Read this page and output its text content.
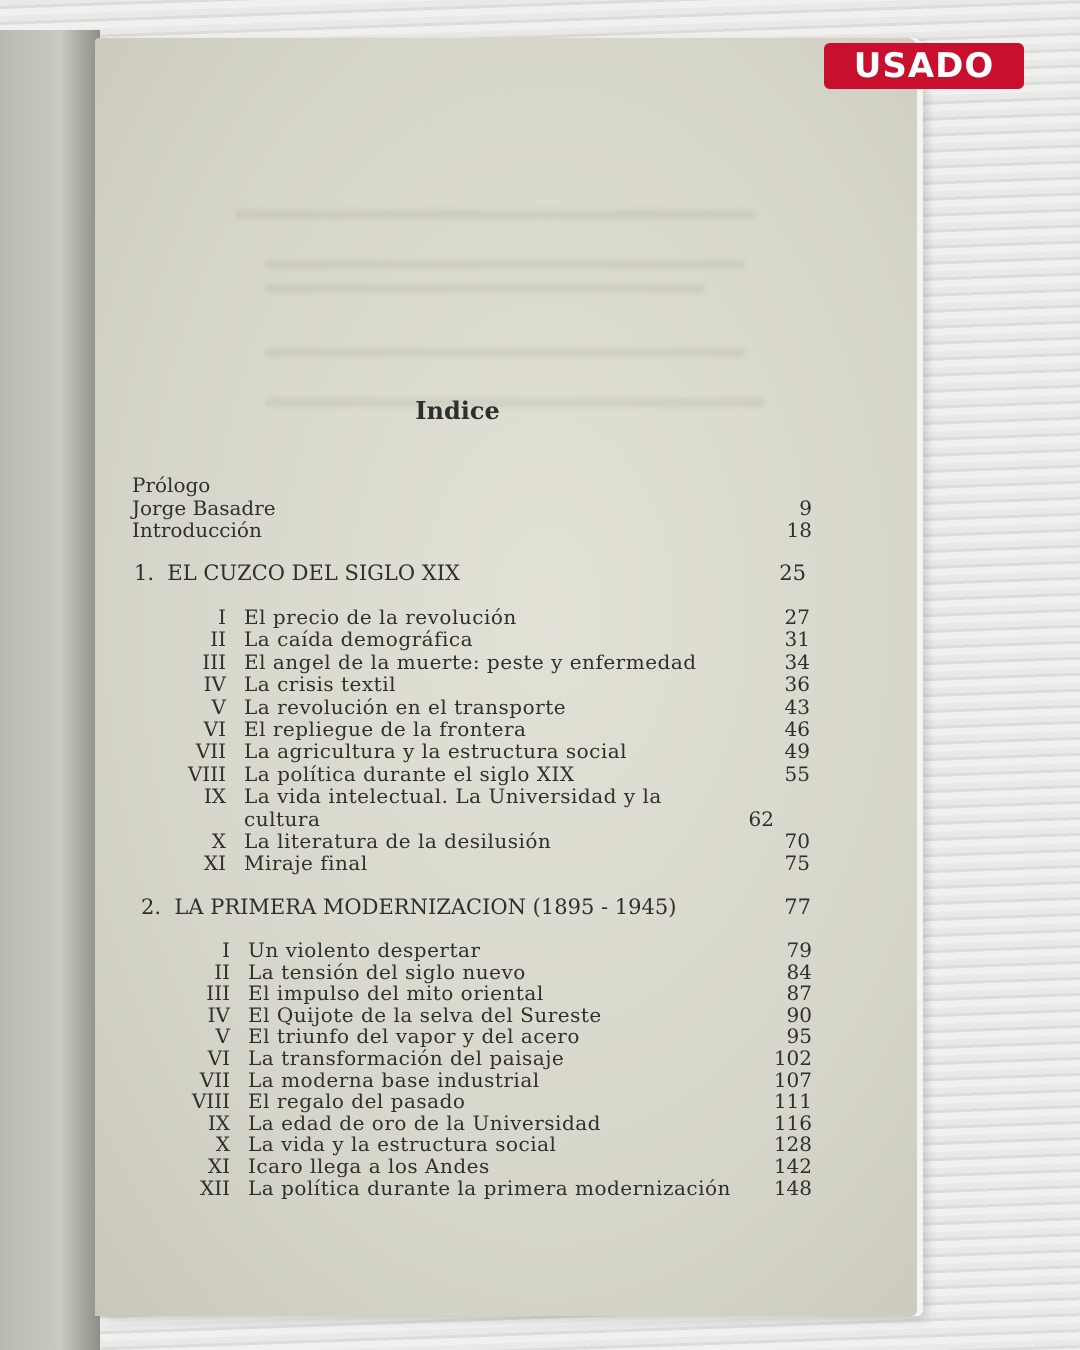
USADO
Indice
Prólogo
Jorge Basadre	9
Introducción	18
1. EL CUZCO DEL SIGLO XIX	25
I El precio de la revolución	27
II La caída demográfica	31
III El angel de la muerte: peste y enfermedad	34
IV La crisis textil	36
V La revolución en el transporte	43
VI El repliegue de la frontera	46
VII La agricultura y la estructura social	49
VIII La política durante el siglo XIX	55
IX La vida intelectual. La Universidad y la cultura	62
X La literatura de la desilusión	70
XI Miraje final	75
2. LA PRIMERA MODERNIZACION (1895 - 1945)	77
I Un violento despertar	79
II La tensión del siglo nuevo	84
III El impulso del mito oriental	87
IV El Quijote de la selva del Sureste	90
V El triunfo del vapor y del acero	95
VI La transformación del paisaje	102
VII La moderna base industrial	107
VIII El regalo del pasado	111
IX La edad de oro de la Universidad	116
X La vida y la estructura social	128
XI Icaro llega a los Andes	142
XII La política durante la primera modernización	148
